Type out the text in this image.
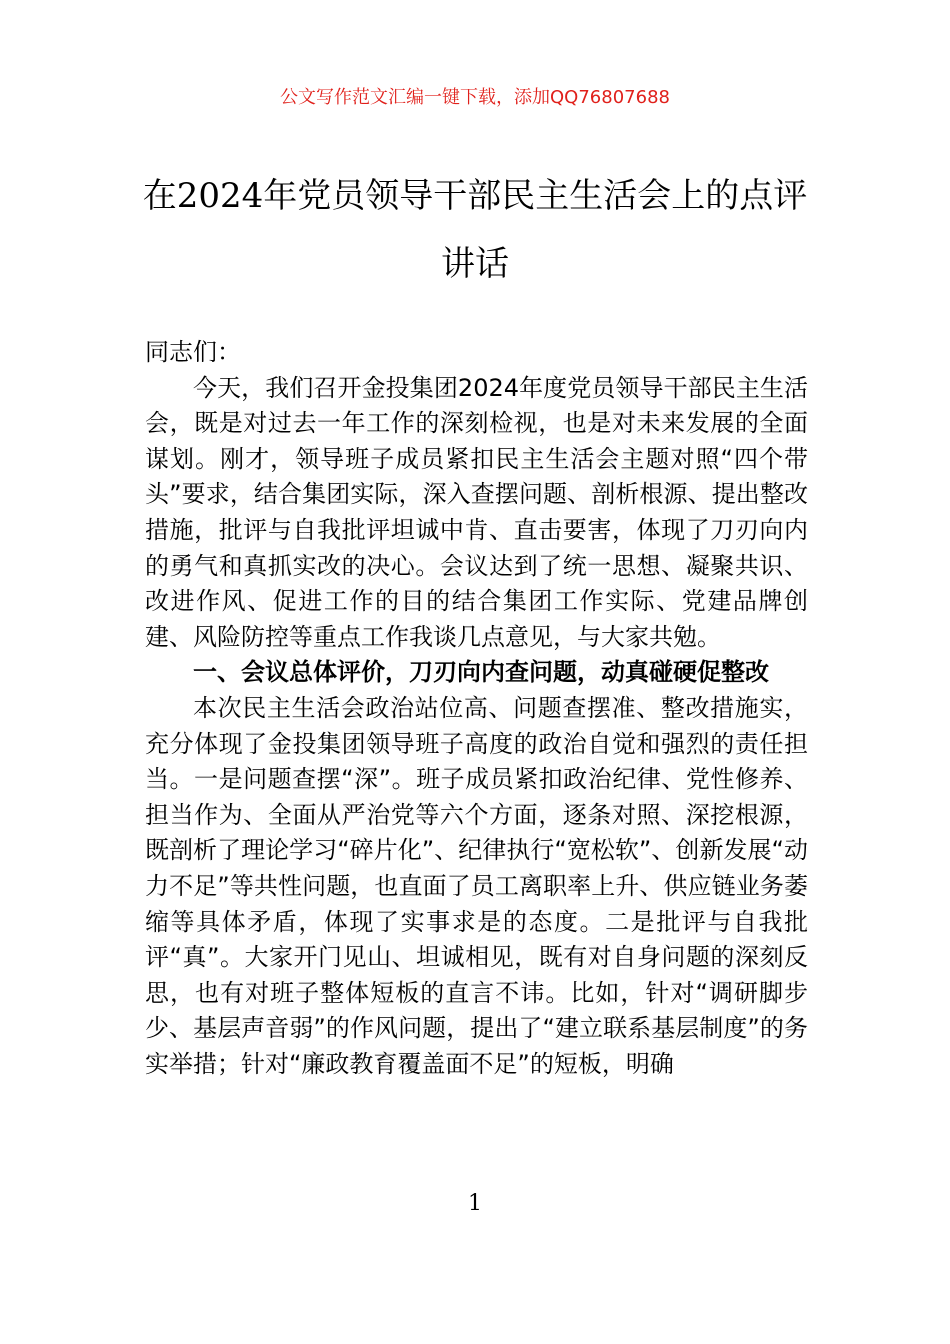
公文写作范文汇编一键下载，添加QQ76807688
在2024年党员领导干部民主生活会上的点评讲话

同志们：

今天，我们召开金投集团2024年度党员领导干部民主生活会，既是对过去一年工作的深刻检视，也是对未来发展的全面谋划。刚才，领导班子成员紧扣民主生活会主题对照“四个带头”要求，结合集团实际，深入查摆问题、剖析根源、提出整改措施，批评与自我批评坦诚中肯、直击要害，体现了刀刃向内的勇气和真抓实改的决心。会议达到了统一思想、凝聚共识、改进作风、促进工作的目的结合集团工作实际、党建品牌创建、风险防控等重点工作我谈几点意见，与大家共勉。

一、会议总体评价，刀刃向内查问题，动真碰硬促整改

本次民主生活会政治站位高、问题查摆准、整改措施实，充分体现了金投集团领导班子高度的政治自觉和强烈的责任担当。一是问题查摆“深”。班子成员紧扣政治纪律、党性修养、担当作为、全面从严治党等六个方面，逐条对照、深挖根源，既剖析了理论学习“碎片化”、纪律执行“宽松软”、创新发展“动力不足”等共性问题，也直面了员工离职率上升、供应链业务萎缩等具体矛盾，体现了实事求是的态度。二是批评与自我批评“真”。大家开门见山、坦诚相见，既有对自身问题的深刻反思，也有对班子整体短板的直言不讳。比如，针对“调研脚步少、基层声音弱”的作风问题，提出了“建立联系基层制度”的务实举措；针对“廉政教育覆盖面不足”的短板，明确

1
